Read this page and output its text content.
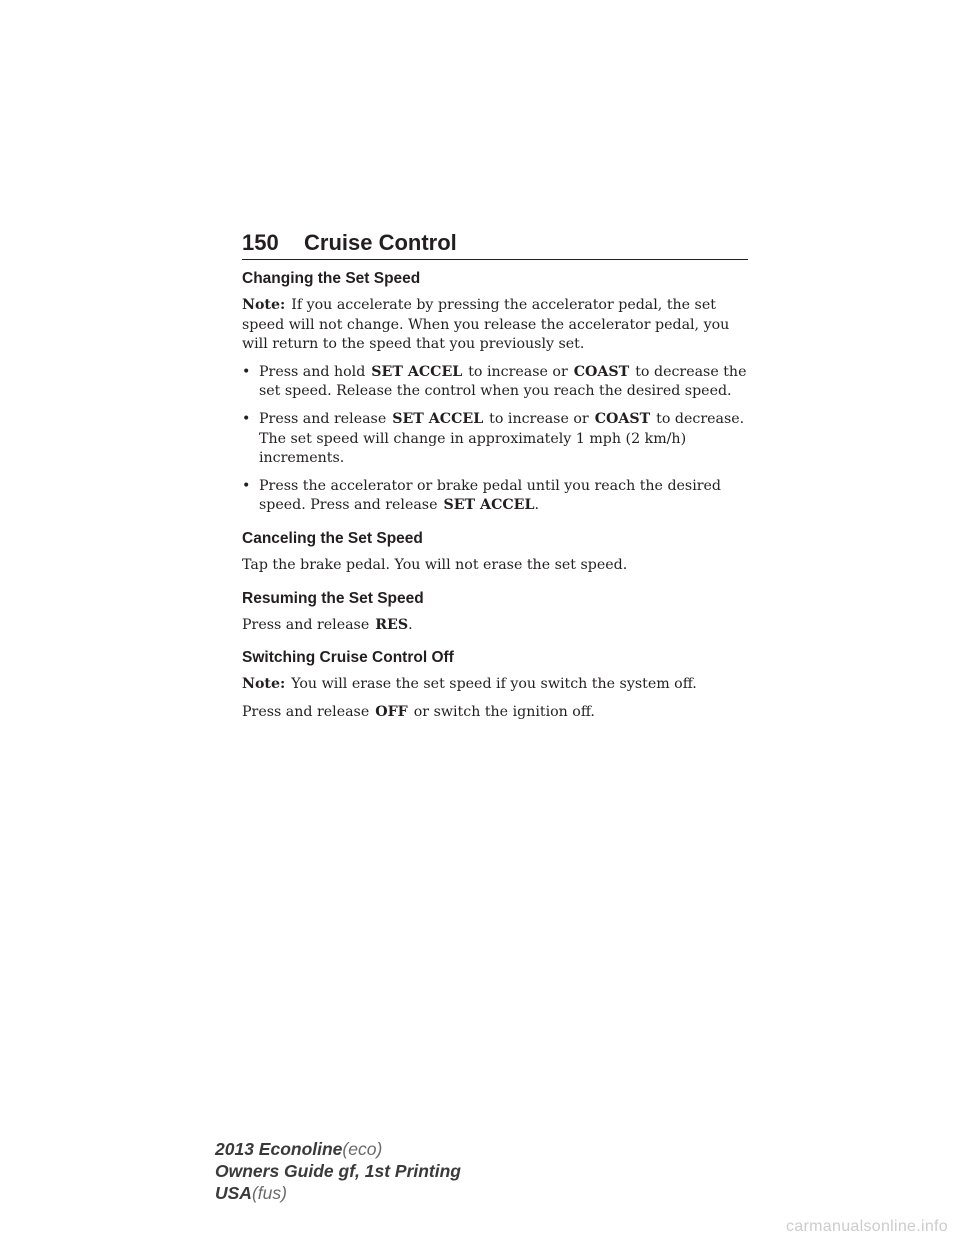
150 Cruise Control
Changing the Set Speed

Note: If you accelerate by pressing the accelerator pedal, the set speed will not change. When you release the accelerator pedal, you will return to the speed that you previously set.

• Press and hold SET ACCEL to increase or COAST to decrease the set speed. Release the control when you reach the desired speed.
• Press and release SET ACCEL to increase or COAST to decrease. The set speed will change in approximately 1 mph (2 km/h) increments.
• Press the accelerator or brake pedal until you reach the desired speed. Press and release SET ACCEL.
Canceling the Set Speed

Tap the brake pedal. You will not erase the set speed.

Resuming the Set Speed

Press and release RES.

Switching Cruise Control Off

Note: You will erase the set speed if you switch the system off.

Press and release OFF or switch the ignition off.

2013 Econoline(eco)
Owners Guide gf, 1st Printing
USA(fus)
carmanualsonline.info
